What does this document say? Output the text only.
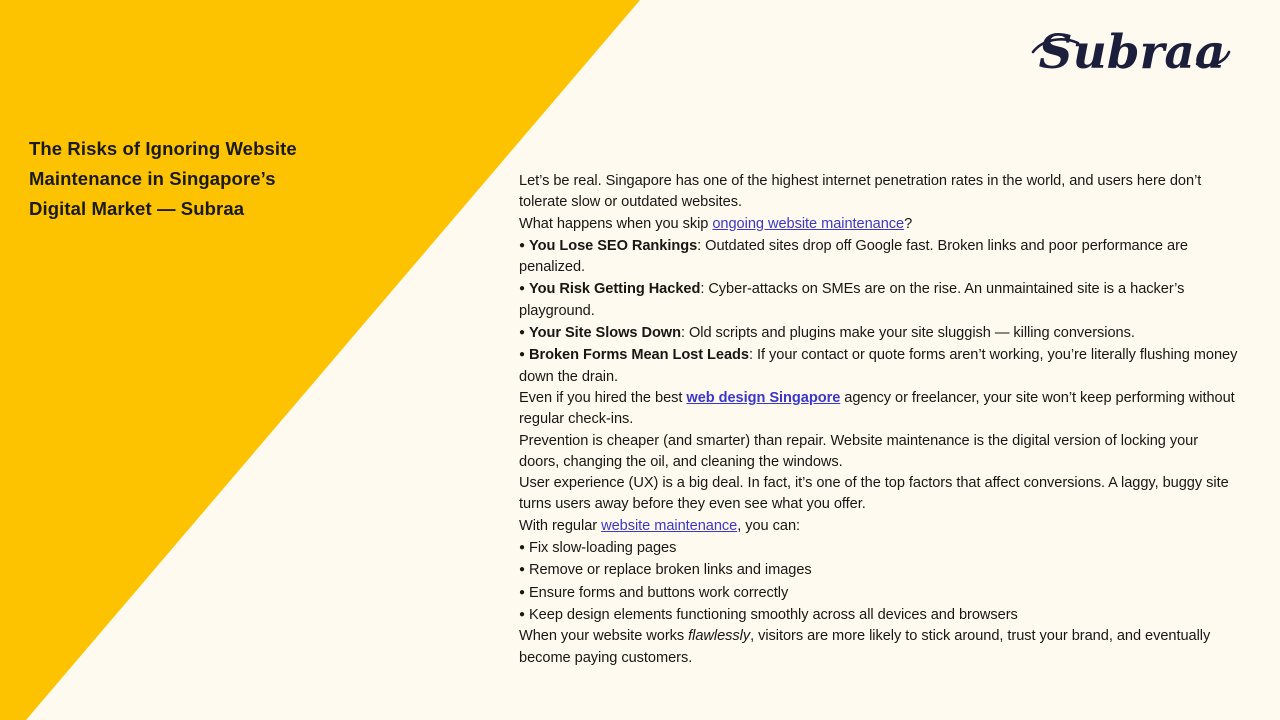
Subraa
The Risks of Ignoring Website
Maintenance in Singapore’s
Digital Market — Subraa

Let’s be real. Singapore has one of the highest internet penetration rates in the world, and users here don’t tolerate slow or outdated websites.

What happens when you skip ongoing website maintenance?

● You Lose SEO Rankings: Outdated sites drop off Google fast. Broken links and poor performance are penalized.

● You Risk Getting Hacked: Cyber-attacks on SMEs are on the rise. An unmaintained site is a hacker’s playground.

● Your Site Slows Down: Old scripts and plugins make your site sluggish — killing conversions.

● Broken Forms Mean Lost Leads: If your contact or quote forms aren’t working, you’re literally flushing money down the drain.

Even if you hired the best web design Singapore agency or freelancer, your site won’t keep performing without regular check-ins.

Prevention is cheaper (and smarter) than repair. Website maintenance is the digital version of locking your doors, changing the oil, and cleaning the windows.

User experience (UX) is a big deal. In fact, it’s one of the top factors that affect conversions. A laggy, buggy site turns users away before they even see what you offer.

With regular website maintenance, you can:

● Fix slow-loading pages

● Remove or replace broken links and images

● Ensure forms and buttons work correctly

● Keep design elements functioning smoothly across all devices and browsers

When your website works flawlessly, visitors are more likely to stick around, trust your brand, and eventually become paying customers.
